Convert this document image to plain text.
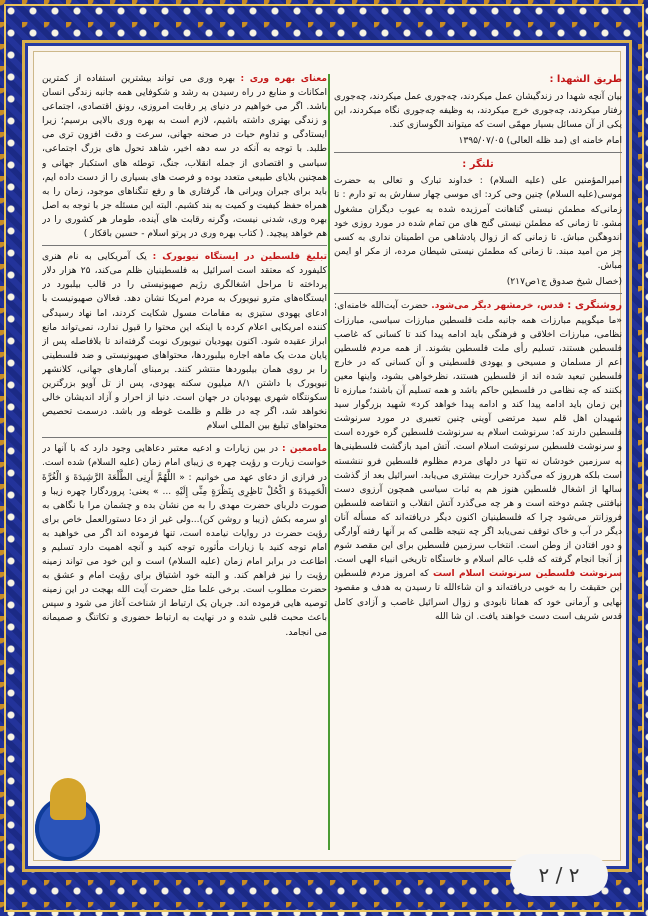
طریق الشهدا :

بیان آنچه شهدا در زندگیشان عمل میکردند، چه‌جوری عمل میکردند، چه‌جوری رفتار میکردند، چه‌جوری خرج میکردند، به وظیفه چه‌جوری نگاه میکردند، این یکی از آن مسائل بسیار مهمّی است که میتواند الگوسازی کند.

امام خامنه ای (مد ظله العالی) ۱۳۹۵/۰۷/۰۵

تلنگر :

امیرالمؤمنین علی (علیه السلام) : خداوند تبارک و تعالی به حضرت موسی(علیه السلام) چنین وحی کرد: ای موسی چهار سفارش به تو دارم : تا زمانی‌که مطمئن نیستی گناهانت آمرزیده شده به عیوب دیگران مشغول مشو. تا زمانی که مطمئن نیستی گنج های من تمام شده در مورد روزی خود اندوهگین مباش. تا زمانی که از زوال پادشاهی من اطمینان نداری به کسی جز من امید مبند. تا زمانی که مطمئن نیستی شیطان مرده، از مکر او ایمن مباش.

(خصال شیخ صدوق ج۱ص۲۱۷)

روشنگری : قدس، خرمشهر دیگر می‌شود. حضرت آیت‌الله خامنه‌ای: «ما میگوییم مبارزات همه جانبه ملت فلسطین مبارزات سیاسی، مبارزات نظامی، مبارزات اخلاقی و فرهنگی باید ادامه پیدا کند تا کسانی که غاصب فلسطین هستند، تسلیم رأی ملت فلسطین بشوند. از همه مردم فلسطین اعم از مسلمان و مسیحی و یهودی فلسطینی و آن کسانی که در خارج فلسطین تبعید شده اند از فلسطین هستند، نظرخواهی بشود، واینها معین بکنند که چه نظامی در فلسطین حاکم باشد و همه تسلیم آن باشند؛ مبارزه تا این زمان باید ادامه پیدا کند و ادامه پیدا خواهد کرد» شهید بزرگوار سید شهیدان اهل قلم سید مرتضی آوینی چنین تعبیری در مورد سرنوشت فلسطین دارند که: سرنوشت اسلام به سرنوشت فلسطین گره خورده است و سرنوشت فلسطین سرنوشت اسلام است. آتش امید بازگشت فلسطینی‌ها به سرزمین خودشان نه تنها در دلهای مردم مظلوم فلسطین فرو ننشسته است بلکه هرروز که می‌گذرد حرارت بیشتری می‌یابد. اسرائیل بعد از گذشت سالها از اشغال فلسطین هنوز هم به ثبات سیاسی همچون آرزوی دست نیافتنی چشم دوخته است و هر چه می‌گذرد آتش انقلاب و انتفاضه فلسطین فروزانتر می‌شود چرا که فلسطینیان اکنون دیگر دریافته‌اند که مسأله آنان دیگر در آب و خاک توقف نمی‌یابد اگر چه نتیجه ظلمی که بر آنها رفته آوارگی و دور افتادن از وطن است. انتخاب سرزمین فلسطین برای این مقصد شوم از آنجا انجام گرفته که قلب عالم اسلام و خاستگاه تاریخی انبیاء الهی است. سرنوشت فلسطین سرنوشت اسلام است که امروز مردم فلسطین این حقیقت را به خوبی دریافته‌اند و ان شاءالله تا رسیدن به هدف و مقصود نهایی و آرمانی خود که همانا نابودی و زوال اسرائیل غاصب و آزادی کامل قدس شریف است دست خواهند یافت. ان شا الله

معنای بهره وری : بهره وری می تواند بیشترین استفاده از کمترین امکانات و منابع در راه رسیدن به رشد و شکوفایی همه جانبه زندگی انسان باشد. اگر می خواهیم در دنیای پر رقابت امروزی، رونق اقتصادی، اجتماعی و زندگی بهتری داشته باشیم، لازم است به بهره وری بالایی برسیم؛ زیرا ایستادگی و تداوم حیات در صحنه جهانی، سرعت و دقت افزون تری می طلبد. با توجه به آنکه در سه دهه اخیر، شاهد تحول های بزرگ اجتماعی، سیاسی و اقتصادی از جمله انقلاب، جنگ، توطئه های استکبار جهانی و همچنین بلایای طبیعی متعدد بوده و فرصت های بسیاری را از دست داده ایم، باید برای جبران ویرانی ها، گرفتاری ها و رفع تنگناهای موجود، زمان را به همراه حفظ کیفیت و کمیت به بند کشیم. البته این مسئله جز با توجه به اصل بهره وری، شدنی نیست، وگرنه رقابت های آینده، طومار هر کشوری را در هم خواهد پیچید. ( کتاب بهره وری در پرتو اسلام - حسین باقکار )

تبلیغ فلسطین در ایستگاه نیویورک : یک آمریکایی به نام هنری کلیفورد که معتقد است اسرائیل به فلسطینیان ظلم می‌کند، ۲۵ هزار دلار پرداخته تا مراحل اشغالگری رژیم صهیونیستی را در قالب بیلبورد در ایستگاه‌های مترو نیویورک به مردم امریکا نشان دهد. فعالان صهیونیست با ادعای یهودی ستیزی به مقامات مسول شکایت کردند، اما نهاد رسیدگی کننده امریکایی اعلام کرده با اینکه این محتوا را قبول ندارد، نمی‌تواند مانع ابراز عقیده شود. اکنون یهودیان نیویورک نوبت گرفته‌اند تا بلافاصله پس از پایان مدت یک ماهه اجاره بیلبوردها، محتواهای صهیونیستی و ضد فلسطینی را بر روی همان بیلبوردها منتشر کنند. برمبنای آمارهای جهانی، کلانشهر نیویورک با داشتن ۸/۱ میلیون سکنه یهودی، پس از تل آویو بزرگترین سکونتگاه شهری یهودیان در جهان است. دنیا از احرار و آزاد اندیشان خالی نخواهد شد، اگر چه در ظلم و ظلمت غوطه ور باشد. درسمت تحصیص محتواهای تبلیغ بین المللی اسلام

ماه‌معین : در بین زیارات و ادعیه معتبر دعاهایی وجود دارد که با آنها در خواست زیارت و رؤیت چهره ی زیبای امام زمان (علیه السلام) شده است. در فرازی از دعای عهد می خوانیم : « اللَّهُمَّ أَرِنِی الطَّلْعَةَ الرَّشِیدَةَ وَ الْغُرَّةَ الْحَمِیدَةَ وَ اکْحُلْ نَاظِرِی بِنَظْرَةٍ مِنِّی إِلَیْهِ ... » یعنی: پروردگارا چهره زیبا و صورت دلربای حضرت مهدی را به من نشان بده و چشمان مرا با نگاهی به او سرمه بکش (زیبا و روشن کن)...ولی غیر از دعا دستورالعمل خاص برای رؤیت حضرت در روایات نیامده است، تنها فرموده اند اگر می خواهید به امام توجه کنید با زیارات مأثوره توجه کنید و آنچه اهمیت دارد تسلیم و اطاعت در برابر امام زمان (علیه السلام) است و این خود می تواند زمینه رؤیت را نیز فراهم کند. و البته خود اشتیاق برای رؤیت امام و عشق به حضرت مطلوب است. برخی علما مثل حضرت آیت الله بهجت در این زمینه توصیه هایی فرموده اند. جریان یک ارتباط از شناخت آغاز می شود و سپس باعث محبت قلبی شده و در نهایت به ارتباط حضوری و تکاتنگ و صمیمانه می انجامد.

۲ / ۲
